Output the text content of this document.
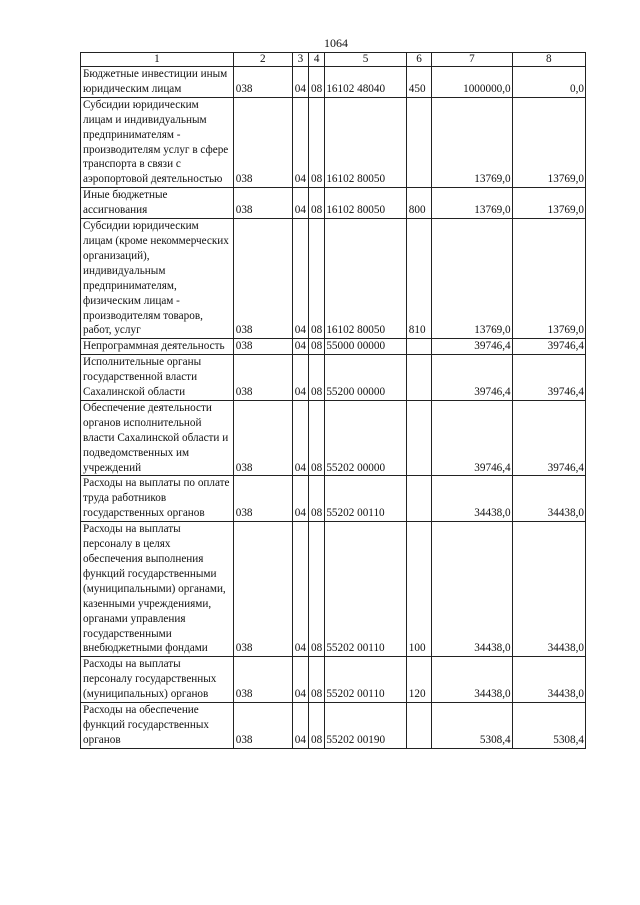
1064
1	2	3	4	5	6	7	8
Бюджетные инвестиции иным юридическим лицам	038	04	08	16102 48040	450	1000000,0	0,0
Субсидии юридическим лицам и индивидуальным предпринимателям - производителям услуг в сфере транспорта в связи с аэропортовой деятельностью	038	04	08	16102 80050		13769,0	13769,0
Иные бюджетные ассигнования	038	04	08	16102 80050	800	13769,0	13769,0
Субсидии юридическим лицам (кроме некоммерческих организаций), индивидуальным предпринимателям, физическим лицам - производителям товаров, работ, услуг	038	04	08	16102 80050	810	13769,0	13769,0
Непрограммная деятельность	038	04	08	55000 00000		39746,4	39746,4
Исполнительные органы государственной власти Сахалинской области	038	04	08	55200 00000		39746,4	39746,4
Обеспечение деятельности органов исполнительной власти Сахалинской области и подведомственных им учреждений	038	04	08	55202 00000		39746,4	39746,4
Расходы на выплаты по оплате труда работников государственных органов	038	04	08	55202 00110		34438,0	34438,0
Расходы на выплаты персоналу в целях обеспечения выполнения функций государственными (муниципальными) органами, казенными учреждениями, органами управления государственными внебюджетными фондами	038	04	08	55202 00110	100	34438,0	34438,0
Расходы на выплаты персоналу государственных (муниципальных) органов	038	04	08	55202 00110	120	34438,0	34438,0
Расходы на обеспечение функций государственных органов	038	04	08	55202 00190		5308,4	5308,4
